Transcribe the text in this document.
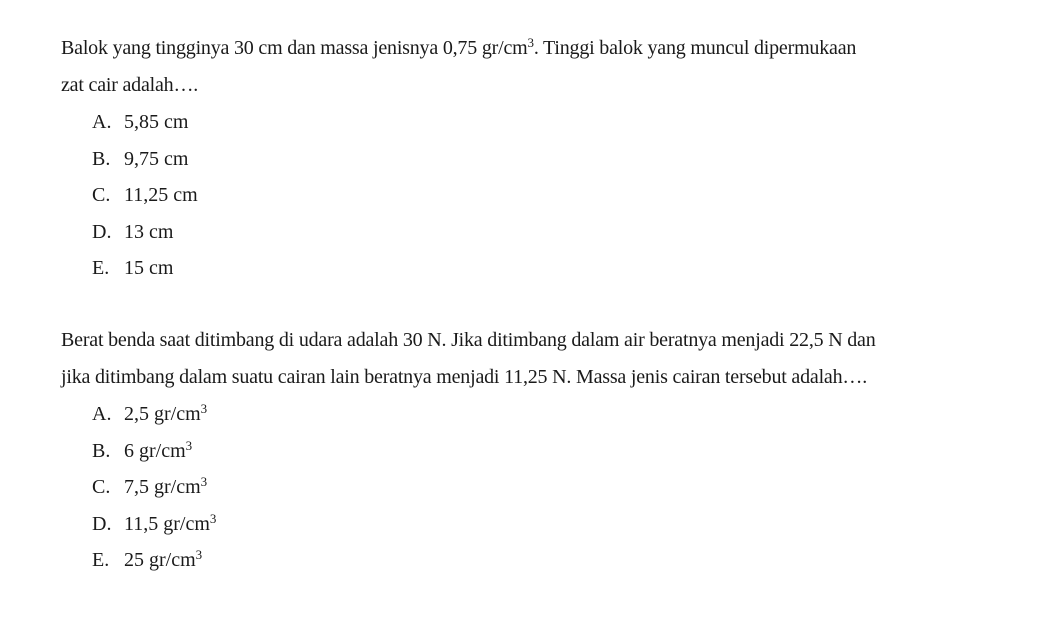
Balok yang tingginya 30 cm dan massa jenisnya 0,75 $gr/cm^3$. Tinggi balok yang muncul dipermukaan
zat cair adalah….

A. 5,85 cm
B. 9,75 cm
C. 11,25 cm
D. 13 cm
E. 15 cm

Berat benda saat ditimbang di udara adalah 30 N. Jika ditimbang dalam air beratnya menjadi 22,5 N dan
jika ditimbang dalam suatu cairan lain beratnya menjadi 11,25 N. Massa jenis cairan tersebut adalah….

A. 2,5 $gr/cm^3$
B. 6 $gr/cm^3$
C. 7,5 $gr/cm^3$
D. 11,5 $gr/cm^3$
E. 25 $gr/cm^3$
